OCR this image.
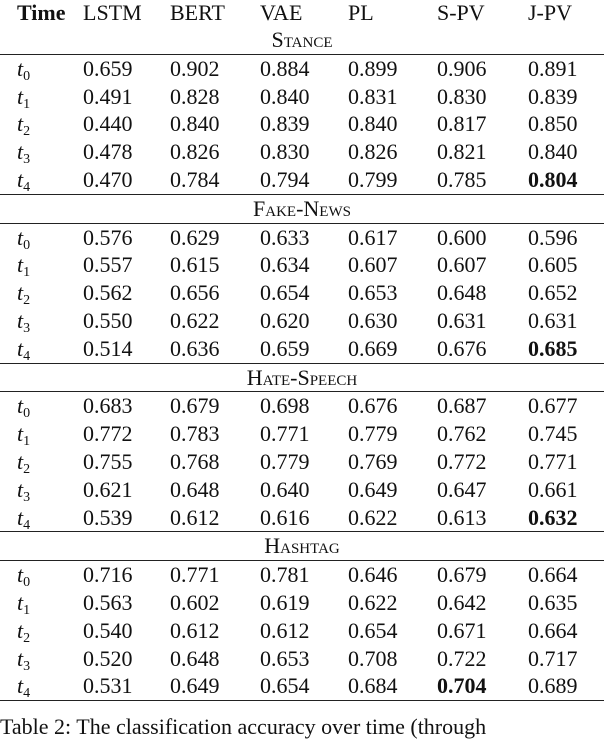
Time	LSTM	BERT	VAE	PL	S-PV	J-PV
Stance						
$t_0$	0.659	0.902	0.884	0.899	0.906	0.891
$t_1$	0.491	0.828	0.840	0.831	0.830	0.839
$t_2$	0.440	0.840	0.839	0.840	0.817	0.850
$t_3$	0.478	0.826	0.830	0.826	0.821	0.840
$t_4$	0.470	0.784	0.794	0.799	0.785	0.804
Fake-News						
$t_0$	0.576	0.629	0.633	0.617	0.600	0.596
$t_1$	0.557	0.615	0.634	0.607	0.607	0.605
$t_2$	0.562	0.656	0.654	0.653	0.648	0.652
$t_3$	0.550	0.622	0.620	0.630	0.631	0.631
$t_4$	0.514	0.636	0.659	0.669	0.676	0.685
Hate-Speech						
$t_0$	0.683	0.679	0.698	0.676	0.687	0.677
$t_1$	0.772	0.783	0.771	0.779	0.762	0.745
$t_2$	0.755	0.768	0.779	0.769	0.772	0.771
$t_3$	0.621	0.648	0.640	0.649	0.647	0.661
$t_4$	0.539	0.612	0.616	0.622	0.613	0.632
Hashtag						
$t_0$	0.716	0.771	0.781	0.646	0.679	0.664
$t_1$	0.563	0.602	0.619	0.622	0.642	0.635
$t_2$	0.540	0.612	0.612	0.654	0.671	0.664
$t_3$	0.520	0.648	0.653	0.708	0.722	0.717
$t_4$	0.531	0.649	0.654	0.684	0.704	0.689
Table 2: The classification accuracy over time (through
